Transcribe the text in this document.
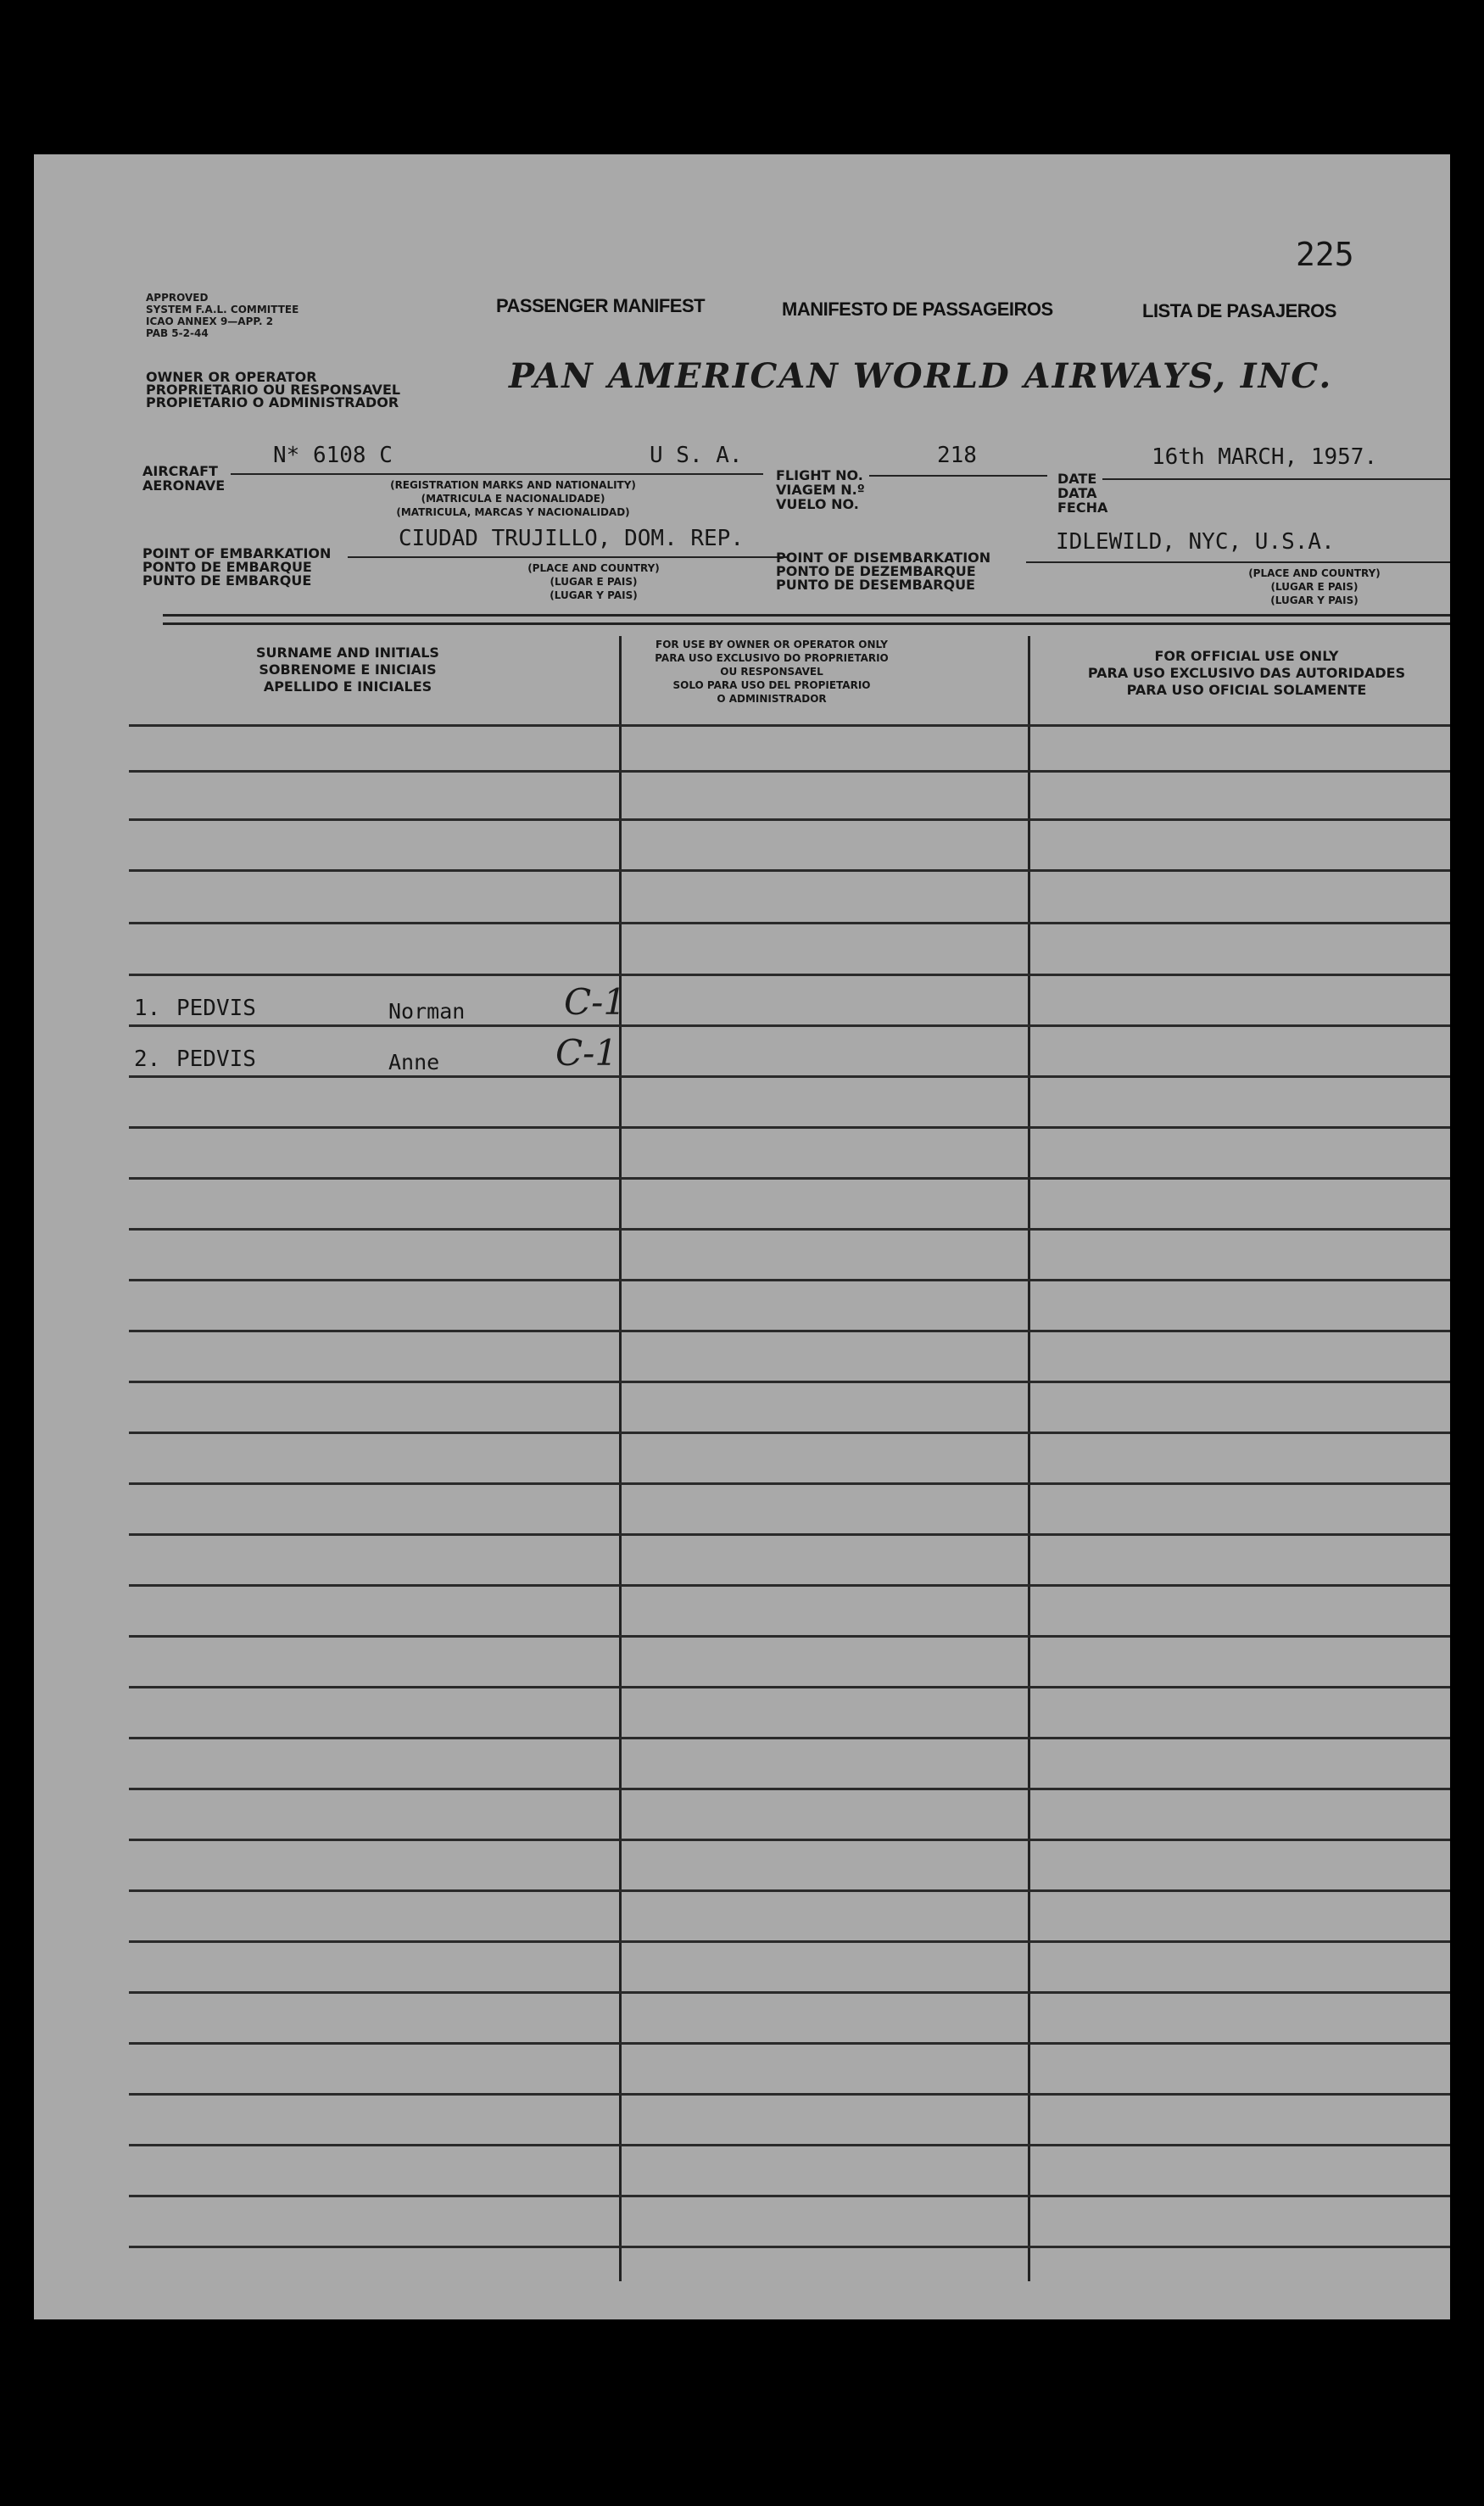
225
APPROVED
SYSTEM F.A.L. COMMITTEE
ICAO ANNEX 9—APP. 2
PAB 5-2-44
PASSENGER MANIFEST	MANIFESTO DE PASSAGEIROS	LISTA DE PASAJEROS
OWNER OR OPERATOR
PROPRIETARIO OU RESPONSAVEL
PROPIETARIO O ADMINISTRADOR
PAN AMERICAN WORLD AIRWAYS, INC.
AIRCRAFT
AERONAVE
N* 6108 C	U S. A.
(REGISTRATION MARKS AND NATIONALITY)
(MATRICULA E NACIONALIDADE)
(MATRICULA, MARCAS Y NACIONALIDAD)
FLIGHT NO.
VIAGEM N.º
VUELO NO.
218
DATE
DATA
FECHA
16th MARCH, 1957.
POINT OF EMBARKATION
PONTO DE EMBARQUE
PUNTO DE EMBARQUE
CIUDAD TRUJILLO, DOM. REP.
(PLACE AND COUNTRY)
(LUGAR E PAIS)
(LUGAR Y PAIS)
POINT OF DISEMBARKATION
PONTO DE DEZEMBARQUE
PUNTO DE DESEMBARQUE
IDLEWILD, NYC, U.S.A.
(PLACE AND COUNTRY)
(LUGAR E PAIS)
(LUGAR Y PAIS)
SURNAME AND INITIALS
SOBRENOME E INICIAIS
APELLIDO E INICIALES
FOR USE BY OWNER OR OPERATOR ONLY
PARA USO EXCLUSIVO DO PROPRIETARIO
OU RESPONSAVEL
SOLO PARA USO DEL PROPIETARIO
O ADMINISTRADOR
FOR OFFICIAL USE ONLY
PARA USO EXCLUSIVO DAS AUTORIDADES
PARA USO OFICIAL SOLAMENTE
1. PEDVIS	Norman	C-1
2. PEDVIS	Anne	C-1
